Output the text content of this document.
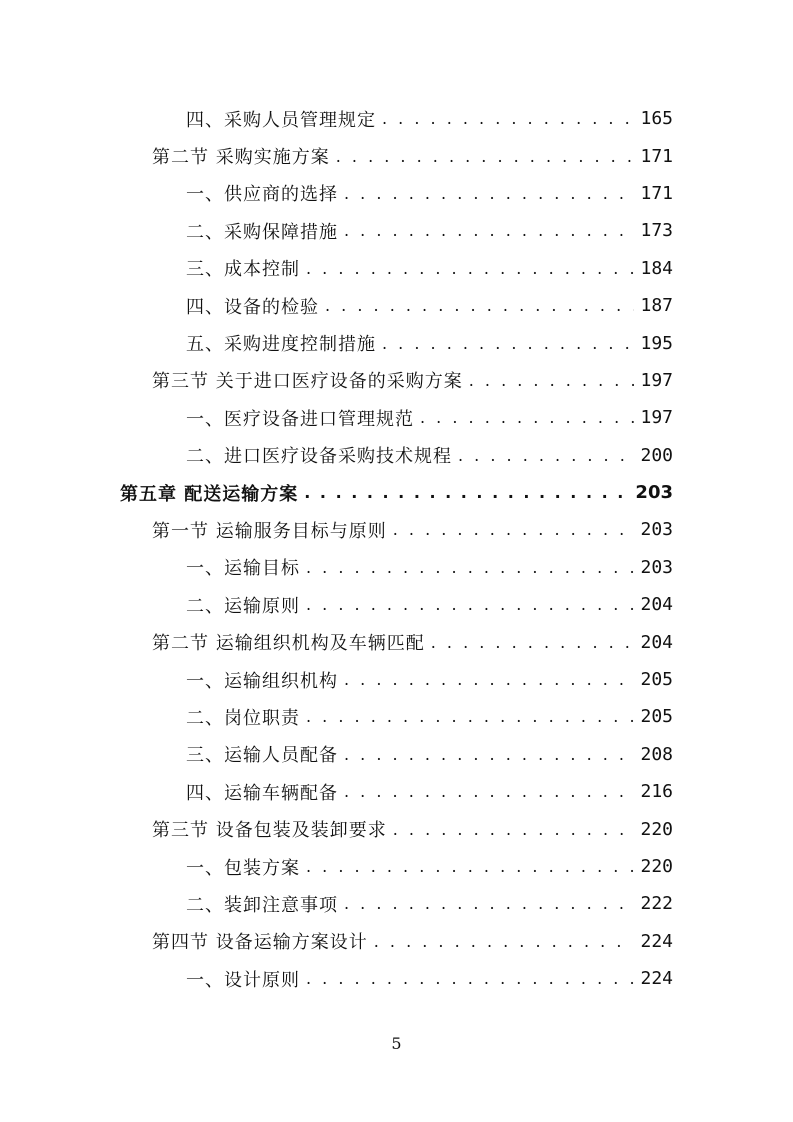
四、采购人员管理规定 . . .	165
第二节 采购实施方案 . . .	171
一、供应商的选择 . . .	171
二、采购保障措施 . . .	173
三、成本控制 . . .	184
四、设备的检验 . . .	187
五、采购进度控制措施 . . .	195
第三节 关于进口医疗设备的采购方案 . . .	197
一、医疗设备进口管理规范 . . .	197
二、进口医疗设备采购技术规程 . . .	200
第五章 配送运输方案 . . .	203
第一节 运输服务目标与原则 . . .	203
一、运输目标 . . .	203
二、运输原则 . . .	204
第二节 运输组织机构及车辆匹配 . . .	204
一、运输组织机构 . . .	205
二、岗位职责 . . .	205
三、运输人员配备 . . .	208
四、运输车辆配备 . . .	216
第三节 设备包装及装卸要求 . . .	220
一、包装方案 . . .	220
二、装卸注意事项 . . .	222
第四节 设备运输方案设计 . . .	224
一、设计原则 . . .	224
5
